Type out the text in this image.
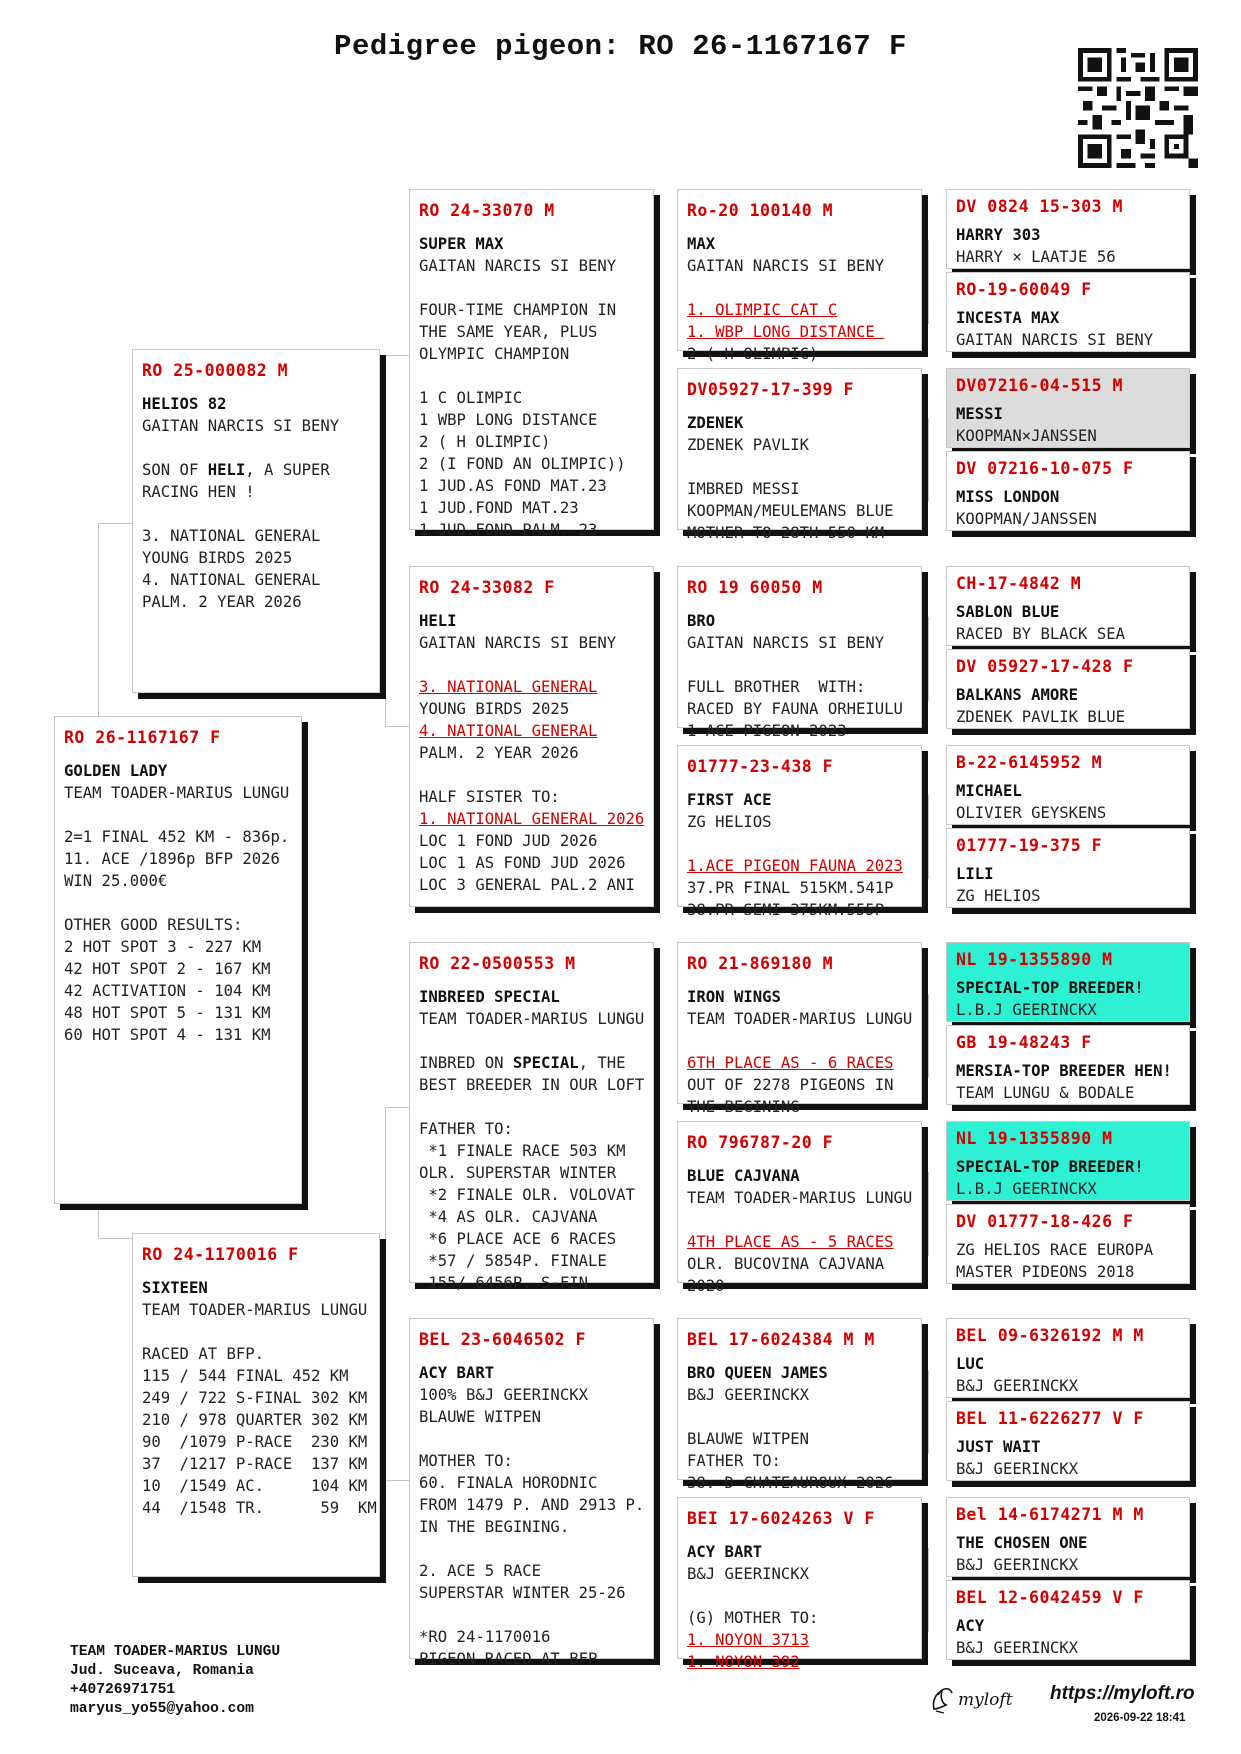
Pedigree pigeon: RO 26-1167167 F
RO 26-1167167 F
GOLDEN LADY
TEAM TOADER-MARIUS LUNGU
2=1 FINAL 452 KM - 836p.
11. ACE /1896p BFP 2026
WIN 25.000€

OTHER GOOD RESULTS:
2 HOT SPOT 3 - 227 KM
42 HOT SPOT 2 - 167 KM
42 ACTIVATION - 104 KM
48 HOT SPOT 5 - 131 KM
60 HOT SPOT 4 - 131 KM
RO 25-000082 M
HELIOS 82
GAITAN NARCIS SI BENY
SON OF HELI, A SUPER
RACING HEN !

3. NATIONAL GENERAL
YOUNG BIRDS 2025
4. NATIONAL GENERAL
PALM. 2 YEAR 2026
RO 24-1170016 F
SIXTEEN
TEAM TOADER-MARIUS LUNGU
RACED AT BFP.
115 / 544 FINAL 452 KM
249 / 722 S-FINAL 302 KM
210 / 978 QUARTER 302 KM
90  /1079 P-RACE  230 KM
37  /1217 P-RACE  137 KM
10  /1549 AC.     104 KM
44  /1548 TR.      59  KM
RO 24-33070 M
SUPER MAX
GAITAN NARCIS SI BENY
FOUR-TIME CHAMPION IN
THE SAME YEAR, PLUS
OLYMPIC CHAMPION

1 C OLIMPIC
1 WBP LONG DISTANCE
2 ( H OLIMPIC)
2 (I FOND AN OLIMPIC))
1 JUD.AS FOND MAT.23
1 JUD.FOND MAT.23
1 JUD.FOND PALM. 23
RO 24-33082 F
HELI
GAITAN NARCIS SI BENY
3. NATIONAL GENERAL
YOUNG BIRDS 2025
4. NATIONAL GENERAL
PALM. 2 YEAR 2026

HALF SISTER TO:
1. NATIONAL GENERAL 2026
LOC 1 FOND JUD 2026
LOC 1 AS FOND JUD 2026
LOC 3 GENERAL PAL.2 ANI
RO 22-0500553 M
INBREED SPECIAL
TEAM TOADER-MARIUS LUNGU
INBRED ON SPECIAL, THE
BEST BREEDER IN OUR LOFT

FATHER TO:
*1 FINALE RACE 503 KM
OLR. SUPERSTAR WINTER
*2 FINALE OLR. VOLOVAT
*4 AS OLR. CAJVANA
*6 PLACE ACE 6 RACES
*57 / 5854P. FINALE
155/ 6456P. S-FIN
BEL 23-6046502 F
ACY BART
100% B&J GEERINCKX
BLAUWE WITPEN
MOTHER TO:
60. FINALA HORODNIC
FROM 1479 P. AND 2913 P.
IN THE BEGINING.

2. ACE 5 RACE
SUPERSTAR WINTER 25-26

*RO 24-1170016
PIGEON RACED AT BFP
Ro-20 100140 M
MAX
GAITAN NARCIS SI BENY
1. OLIMPIC CAT C
1. WBP LONG DISTANCE
2 ( H OLIMPIC)
DV05927-17-399 F
ZDENEK
ZDENEK PAVLIK
IMBRED MESSI
KOOPMAN/MEULEMANS BLUE
MOTHER TO 28TH 550 KM
RO 19 60050 M
BRO
GAITAN NARCIS SI BENY
FULL BROTHER  WITH:
RACED BY FAUNA ORHEIULU
1 ACE PIGEON 2023
01777-23-438 F
FIRST ACE
ZG HELIOS
1.ACE PIGEON FAUNA 2023
37.PR FINAL 515KM.541P
38.PR SEMI 375KM.555P
RO 21-869180 M
IRON WINGS
TEAM TOADER-MARIUS LUNGU
6TH PLACE AS - 6 RACES
OUT OF 2278 PIGEONS IN
THE BEGINING
RO 796787-20 F
BLUE CAJVANA
TEAM TOADER-MARIUS LUNGU
4TH PLACE AS - 5 RACES
OLR. BUCOVINA CAJVANA
2020
BEL 17-6024384 M M
BRO QUEEN JAMES
B&J GEERINCKX
BLAUWE WITPEN
FATHER TO:
38. D CHATEAUROUX 2026
BEI 17-6024263 V F
ACY BART
B&J GEERINCKX
(G) MOTHER TO:
1. NOYON 3713
1. NOYON 392
DV 0824 15-303 M
HARRY 303
HARRY × LAATJE 56
RO-19-60049 F
INCESTA MAX
GAITAN NARCIS SI BENY
DV07216-04-515 M
MESSI
KOOPMAN×JANSSEN
DV 07216-10-075 F
MISS LONDON
KOOPMAN/JANSSEN
CH-17-4842 M
SABLON BLUE
RACED BY BLACK SEA
DV 05927-17-428 F
BALKANS AMORE
ZDENEK PAVLIK BLUE
B-22-6145952 M
MICHAEL
OLIVIER GEYSKENS
01777-19-375 F
LILI
ZG HELIOS
NL 19-1355890 M
SPECIAL-TOP BREEDER!
L.B.J GEERINCKX
GB 19-48243 F
MERSIA-TOP BREEDER HEN!
TEAM LUNGU & BODALE
NL 19-1355890 M
SPECIAL-TOP BREEDER!
L.B.J GEERINCKX
DV 01777-18-426 F
ZG HELIOS RACE EUROPA
MASTER PIDEONS 2018
BEL 09-6326192 M M
LUC
B&J GEERINCKX
BEL 11-6226277 V F
JUST WAIT
B&J GEERINCKX
Bel 14-6174271 M M
THE CHOSEN ONE
B&J GEERINCKX
BEL 12-6042459 V F
ACY
B&J GEERINCKX
TEAM TOADER-MARIUS LUNGU
Jud. Suceava, Romania
+40726971751
maryus_yo55@yahoo.com	myloft https://myloft.ro
2026-09-22 18:41
